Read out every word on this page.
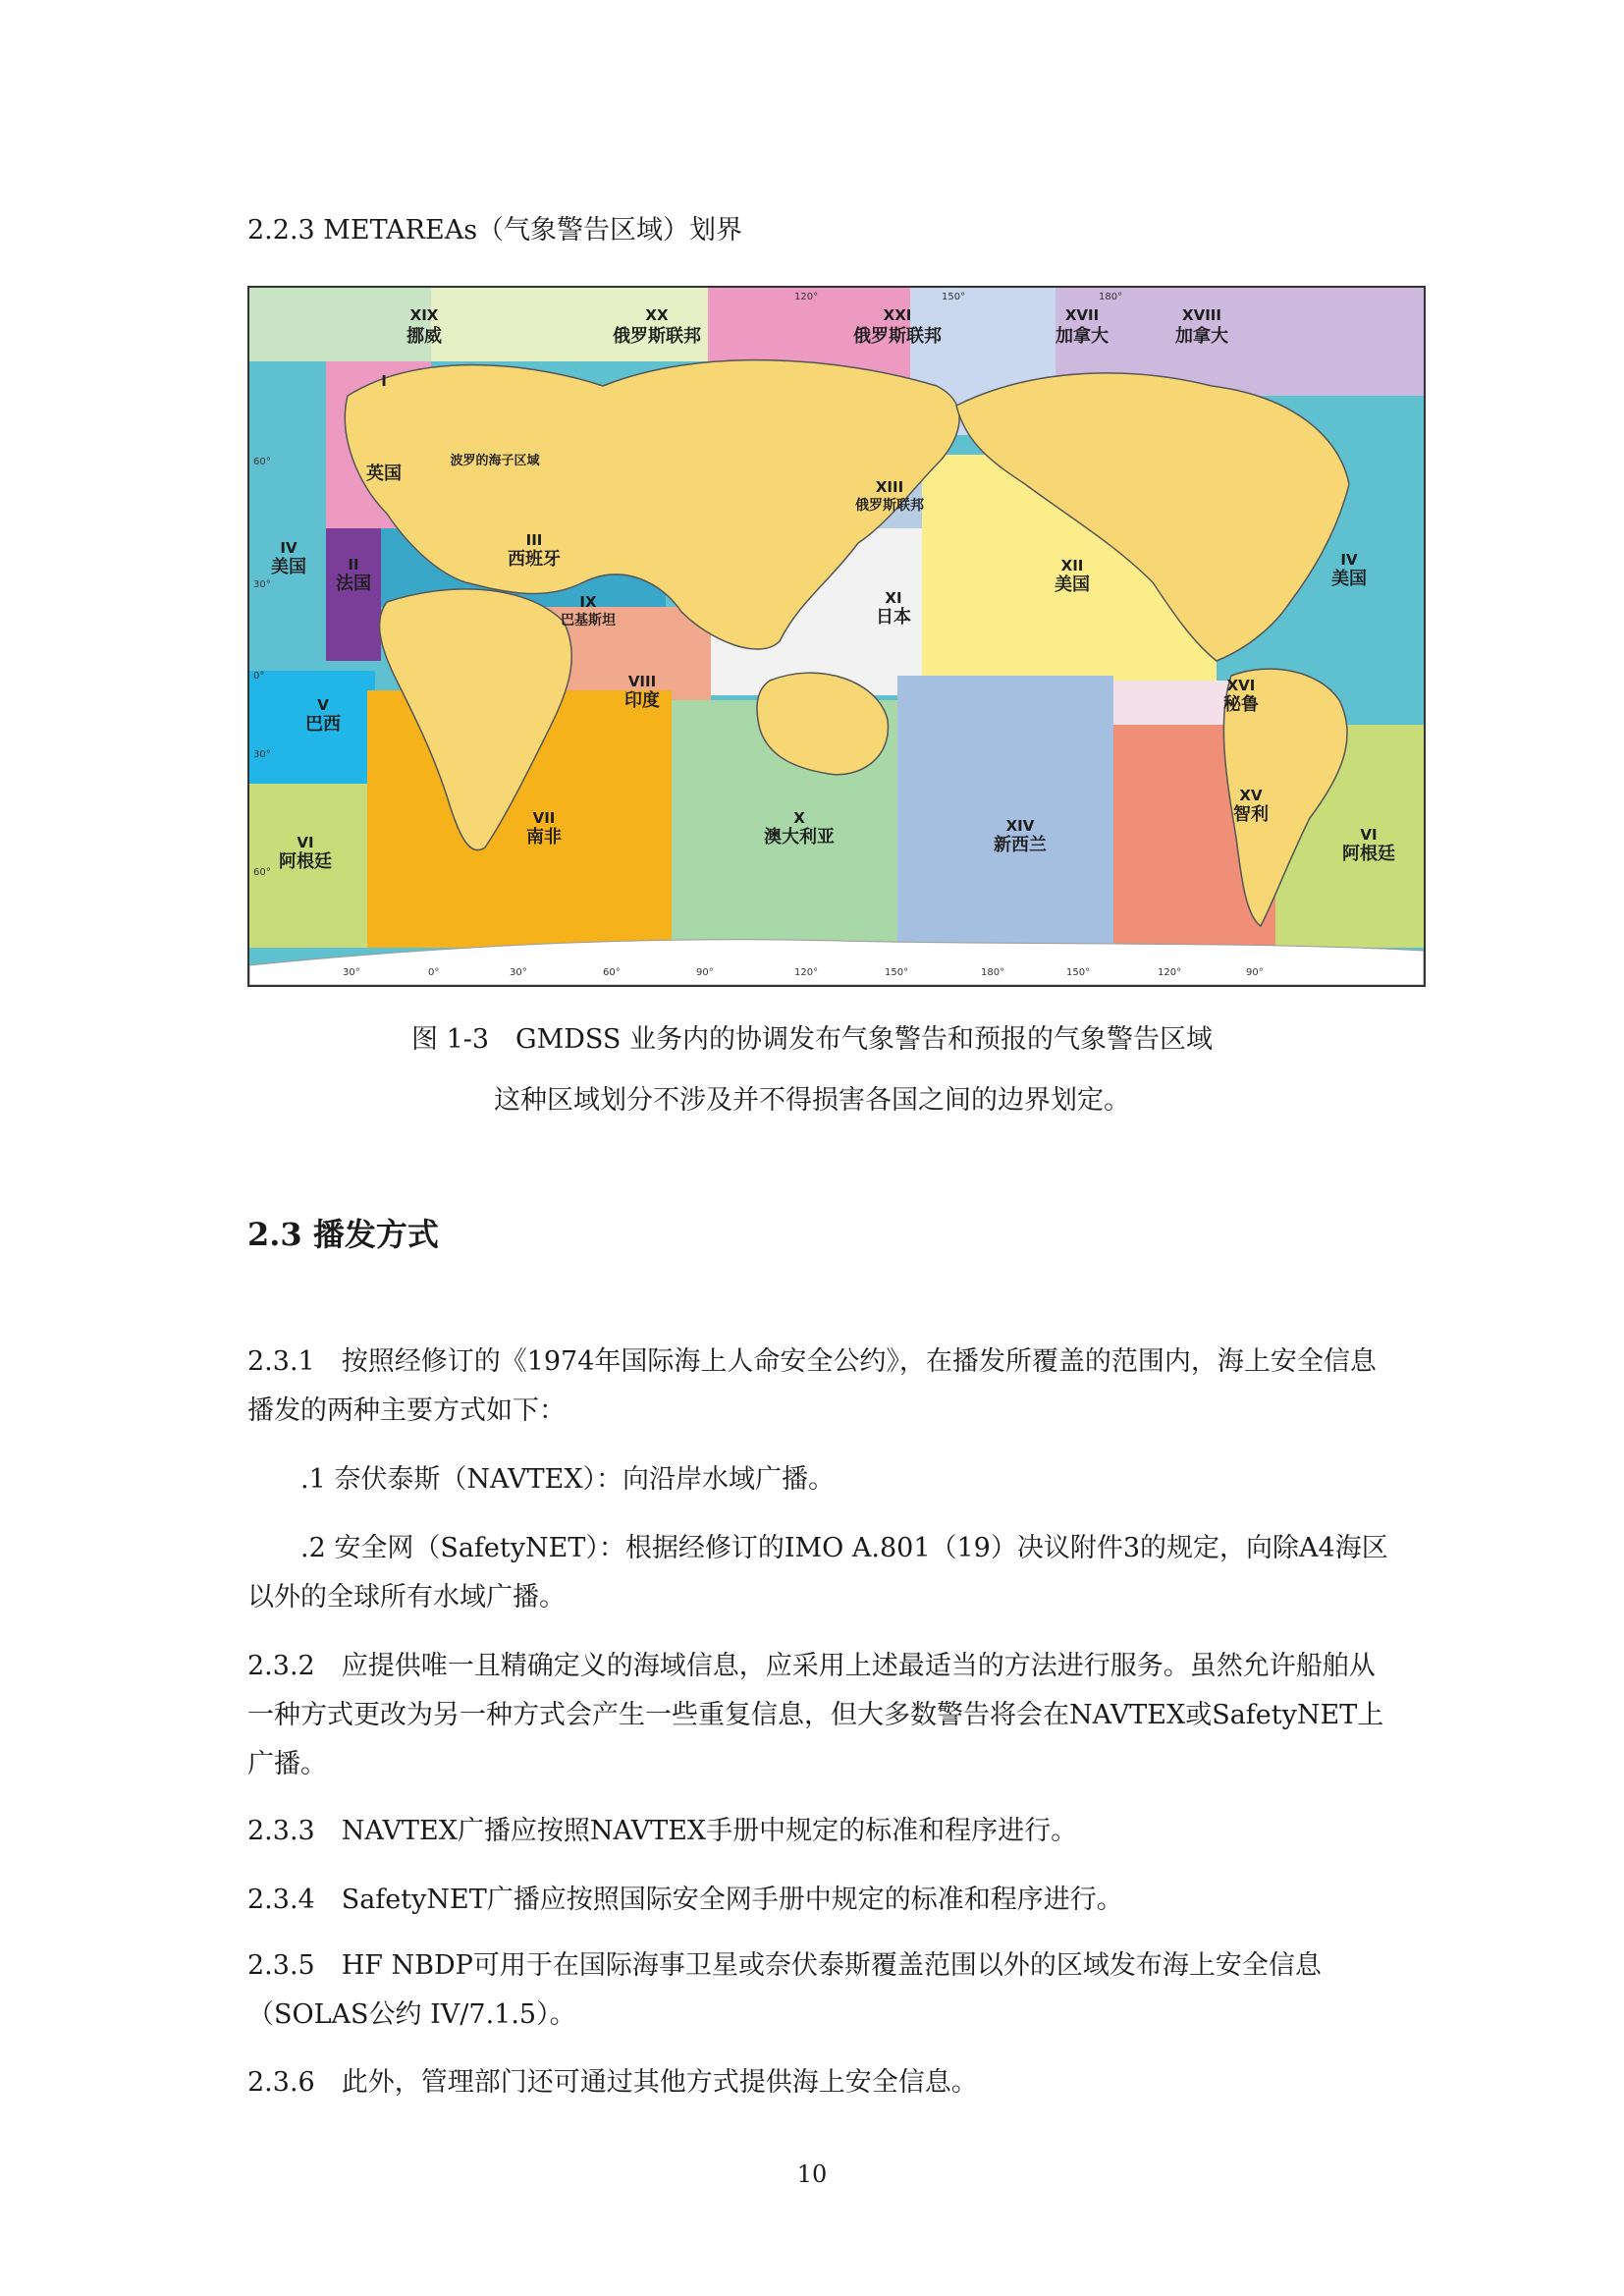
2.2.3 METAREAs（气象警告区域）划界
XIX
挪威
XX
俄罗斯联邦
XXI
俄罗斯联邦
XVII
加拿大
XVIII
加拿大
I
英国
波罗的海子区域
IV
美国	II
法国
III
西班牙
IX
巴基斯坦
XIII
俄罗斯联邦
XI
日本
XII
美国
IV
美国
V
巴西
VIII
印度
XVI
秘鲁
VII
南非
X
澳大利亚
XIV
新西兰
XV
智利
VI
阿根廷
VI
阿根廷
120°	150°	180°
30°	0°	30°	60°	90°	120°	150°	180°	150°	120°	90°
60°
30°
0°
30°
60°
图 1-3　GMDSS 业务内的协调发布气象警告和预报的气象警告区域
这种区域划分不涉及并不得损害各国之间的边界划定。
2.3 播发方式
2.3.1　按照经修订的《1974年国际海上人命安全公约》，在播发所覆盖的范围内，海上安全信息播发的两种主要方式如下：
.1 奈伏泰斯（NAVTEX）：向沿岸水域广播。
.2 安全网（SafetyNET）：根据经修订的IMO A.801（19）决议附件3的规定，向除A4海区以外的全球所有水域广播。
2.3.2　应提供唯一且精确定义的海域信息，应采用上述最适当的方法进行服务。虽然允许船舶从一种方式更改为另一种方式会产生一些重复信息，但大多数警告将会在NAVTEX或SafetyNET上广播。
2.3.3　NAVTEX广播应按照NAVTEX手册中规定的标准和程序进行。
2.3.4　SafetyNET广播应按照国际安全网手册中规定的标准和程序进行。
2.3.5　HF NBDP可用于在国际海事卫星或奈伏泰斯覆盖范围以外的区域发布海上安全信息（SOLAS公约 IV/7.1.5）。
2.3.6　此外，管理部门还可通过其他方式提供海上安全信息。
10
